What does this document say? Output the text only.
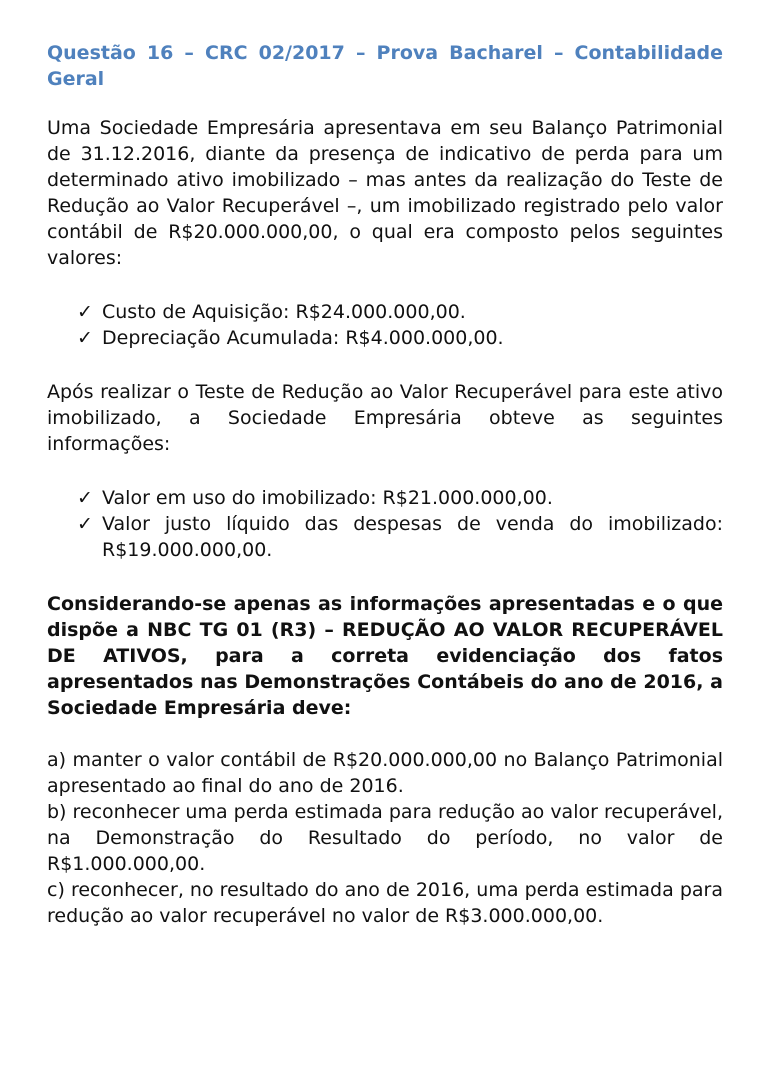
Questão 16 – CRC 02/2017 – Prova Bacharel – Contabilidade Geral

Uma Sociedade Empresária apresentava em seu Balanço Patrimonial de 31.12.2016, diante da presença de indicativo de perda para um determinado ativo imobilizado – mas antes da realização do Teste de Redução ao Valor Recuperável –, um imobilizado registrado pelo valor contábil de R$20.000.000,00, o qual era composto pelos seguintes valores:

✓ Custo de Aquisição: R$24.000.000,00.
✓ Depreciação Acumulada: R$4.000.000,00.

Após realizar o Teste de Redução ao Valor Recuperável para este ativo imobilizado, a Sociedade Empresária obteve as seguintes informações:

✓ Valor em uso do imobilizado: R$21.000.000,00.
✓ Valor justo líquido das despesas de venda do imobilizado: R$19.000.000,00.

Considerando-se apenas as informações apresentadas e o que dispõe a NBC TG 01 (R3) – REDUÇÃO AO VALOR RECUPERÁVEL DE ATIVOS, para a correta evidenciação dos fatos apresentados nas Demonstrações Contábeis do ano de 2016, a Sociedade Empresária deve:

a) manter o valor contábil de R$20.000.000,00 no Balanço Patrimonial apresentado ao final do ano de 2016.

b) reconhecer uma perda estimada para redução ao valor recuperável, na Demonstração do Resultado do período, no valor de R$1.000.000,00.

c) reconhecer, no resultado do ano de 2016, uma perda estimada para redução ao valor recuperável no valor de R$3.000.000,00.
